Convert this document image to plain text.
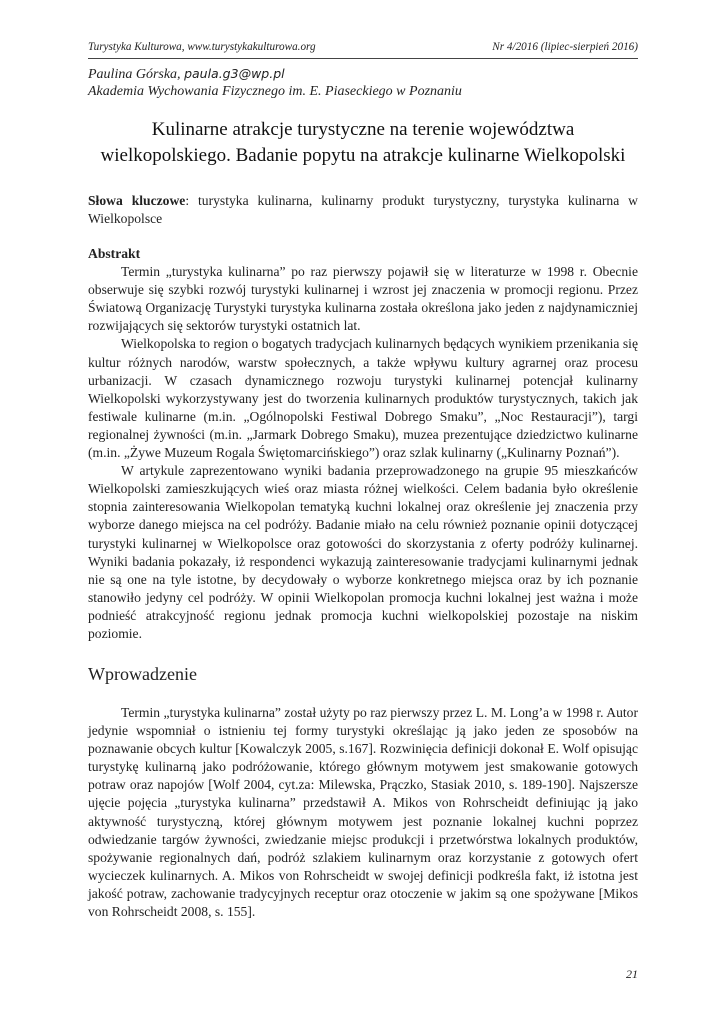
Turystyka Kulturowa, www.turystykakulturowa.org	Nr 4/2016 (lipiec-sierpień 2016)
Paulina Górska, paula.g3@wp.pl
Akademia Wychowania Fizycznego im. E. Piaseckiego w Poznaniu
Kulinarne atrakcje turystyczne na terenie województwa wielkopolskiego. Badanie popytu na atrakcje kulinarne Wielkopolski

Słowa kluczowe: turystyka kulinarna, kulinarny produkt turystyczny, turystyka kulinarna w Wielkopolsce

Abstrakt

Termin „turystyka kulinarna” po raz pierwszy pojawił się w literaturze w 1998 r. Obecnie obserwuje się szybki rozwój turystyki kulinarnej i wzrost jej znaczenia w promocji regionu. Przez Światową Organizację Turystyki turystyka kulinarna została określona jako jeden z najdynamiczniej rozwijających się sektorów turystyki ostatnich lat.

Wielkopolska to region o bogatych tradycjach kulinarnych będących wynikiem przenikania się kultur różnych narodów, warstw społecznych, a także wpływu kultury agrarnej oraz procesu urbanizacji. W czasach dynamicznego rozwoju turystyki kulinarnej potencjał kulinarny Wielkopolski wykorzystywany jest do tworzenia kulinarnych produktów turystycznych, takich jak festiwale kulinarne (m.in. „Ogólnopolski Festiwal Dobrego Smaku”, „Noc Restauracji”), targi regionalnej żywności (m.in. „Jarmark Dobrego Smaku), muzea prezentujące dziedzictwo kulinarne (m.in. „Żywe Muzeum Rogala Świętomarcińskiego”) oraz szlak kulinarny („Kulinarny Poznań”).

W artykule zaprezentowano wyniki badania przeprowadzonego na grupie 95 mieszkańców Wielkopolski zamieszkujących wieś oraz miasta różnej wielkości. Celem badania było określenie stopnia zainteresowania Wielkopolan tematyką kuchni lokalnej oraz określenie jej znaczenia przy wyborze danego miejsca na cel podróży. Badanie miało na celu również poznanie opinii dotyczącej turystyki kulinarnej w Wielkopolsce oraz gotowości do skorzystania z oferty podróży kulinarnej. Wyniki badania pokazały, iż respondenci wykazują zainteresowanie tradycjami kulinarnymi jednak nie są one na tyle istotne, by decydowały o wyborze konkretnego miejsca oraz by ich poznanie stanowiło jedyny cel podróży. W opinii Wielkopolan promocja kuchni lokalnej jest ważna i może podnieść atrakcyjność regionu jednak promocja kuchni wielkopolskiej pozostaje na niskim poziomie.

Wprowadzenie

Termin „turystyka kulinarna” został użyty po raz pierwszy przez L. M. Long’a w 1998 r. Autor jedynie wspomniał o istnieniu tej formy turystyki określając ją jako jeden ze sposobów na poznawanie obcych kultur [Kowalczyk 2005, s.167]. Rozwinięcia definicji dokonał E. Wolf opisując turystykę kulinarną jako podróżowanie, którego głównym motywem jest smakowanie gotowych potraw oraz napojów [Wolf 2004, cyt.za: Milewska, Prączko, Stasiak 2010, s. 189-190]. Najszersze ujęcie pojęcia „turystyka kulinarna” przedstawił A. Mikos von Rohrscheidt definiując ją jako aktywność turystyczną, której głównym motywem jest poznanie lokalnej kuchni poprzez odwiedzanie targów żywności, zwiedzanie miejsc produkcji i przetwórstwa lokalnych produktów, spożywanie regionalnych dań, podróż szlakiem kulinarnym oraz korzystanie z gotowych ofert wycieczek kulinarnych. A. Mikos von Rohrscheidt w swojej definicji podkreśla fakt, iż istotna jest jakość potraw, zachowanie tradycyjnych receptur oraz otoczenie w jakim są one spożywane [Mikos von Rohrscheidt 2008, s. 155].

21
